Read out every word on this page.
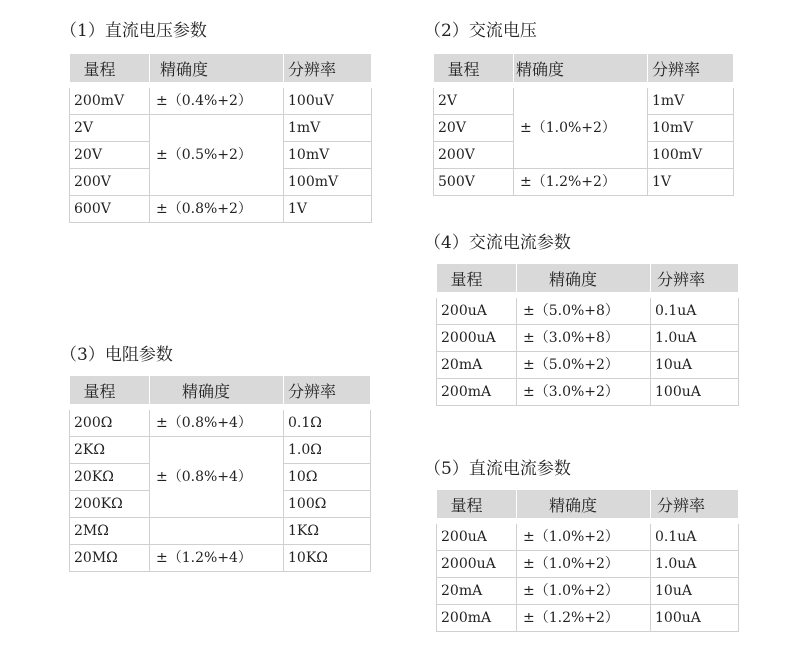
（1）直流电压参数
量程	精确度	分辨率
200mV	±（0.4%+2）	100uV
2V	±（0.5%+2）	1mV
20V		10mV
200V		100mV
600V	±（0.8%+2）	1V
（2）交流电压
量程	精确度	分辨率
2V	±（1.0%+2）	1mV
20V		10mV
200V		100mV
500V	±（1.2%+2）	1V
（4）交流电流参数
量程	精确度	分辨率
200uA	±（5.0%+8）	0.1uA
2000uA	±（3.0%+8）	1.0uA
20mA	±（5.0%+2）	10uA
200mA	±（3.0%+2）	100uA
（3）电阻参数
量程	精确度	分辨率
200Ω	±（0.8%+4）	0.1Ω
2KΩ	±（0.8%+4）	1.0Ω
20KΩ		10Ω
200KΩ		100Ω
2MΩ		1KΩ
20MΩ	±（1.2%+4）	10KΩ
（5）直流电流参数
量程	精确度	分辨率
200uA	±（1.0%+2）	0.1uA
2000uA	±（1.0%+2）	1.0uA
20mA	±（1.0%+2）	10uA
200mA	±（1.2%+2）	100uA
